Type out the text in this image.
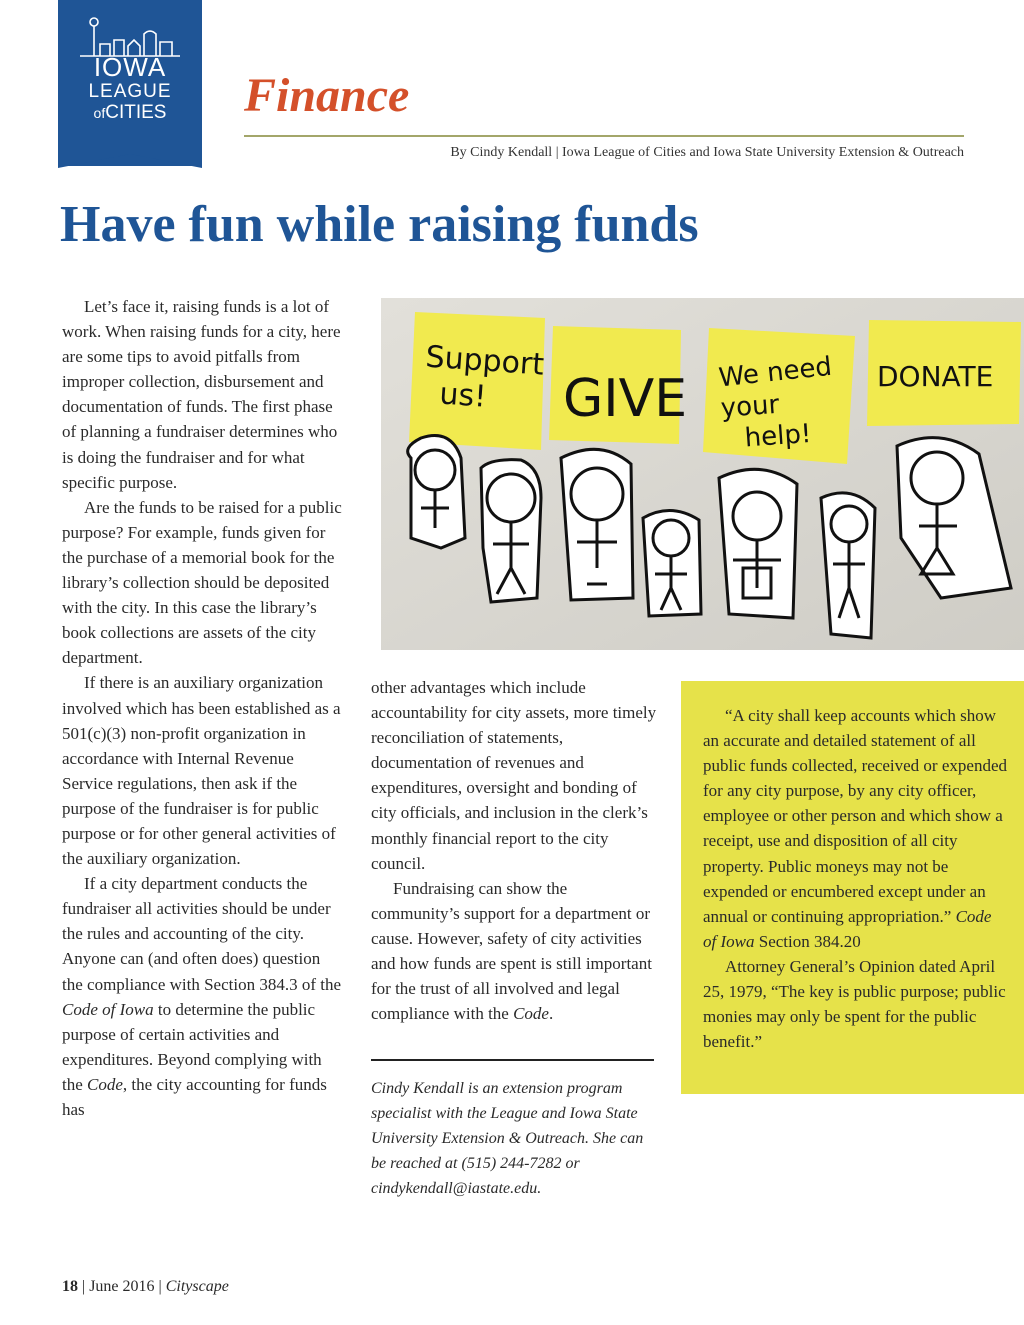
IOWA
LEAGUE
ofCITIES	Finance
By Cindy Kendall | Iowa League of Cities and Iowa State University Extension & Outreach
Have fun while raising funds

Let’s face it, raising funds is a lot of work. When raising funds for a city, here are some tips to avoid pitfalls from improper collection, disbursement and documentation of funds. The first phase of planning a fundraiser determines who is doing the fundraiser and for what specific purpose.

Are the funds to be raised for a public purpose? For example, funds given for the purchase of a memorial book for the library’s collection should be deposited with the city. In this case the library’s book collections are assets of the city department.

If there is an auxiliary organization involved which has been established as a 501(c)(3) non-profit organization in accordance with Internal Revenue Service regulations, then ask if the purpose of the fundraiser is for public purpose or for other general activities of the auxiliary organization.

If a city department conducts the fundraiser all activities should be under the rules and accounting of the city. Anyone can (and often does) question the compliance with Section 384.3 of the Code of Iowa to determine the public purpose of certain activities and expenditures. Beyond complying with the Code, the city accounting for funds has

Support
us! GIVE We need
your
help!
DONATE

other advantages which include accountability for city assets, more timely reconciliation of statements, documentation of revenues and expenditures, oversight and bonding of city officials, and inclusion in the clerk’s monthly financial report to the city council.

Fundraising can show the community’s support for a department or cause. However, safety of city activities and how funds are spent is still important for the trust of all involved and legal compliance with the Code.

Cindy Kendall is an extension program specialist with the League and Iowa State University Extension & Outreach. She can be reached at (515) 244-7282 or cindykendall@iastate.edu.

“A city shall keep accounts which show an accurate and detailed statement of all public funds collected, received or expended for any city purpose, by any city officer, employee or other person and which show a receipt, use and disposition of all city property. Public moneys may not be expended or encumbered except under an annual or continuing appropriation.” Code of Iowa Section 384.20

Attorney General’s Opinion dated April 25, 1979, “The key is public purpose; public monies may only be spent for the public benefit.”

18 | June 2016 | Cityscape
